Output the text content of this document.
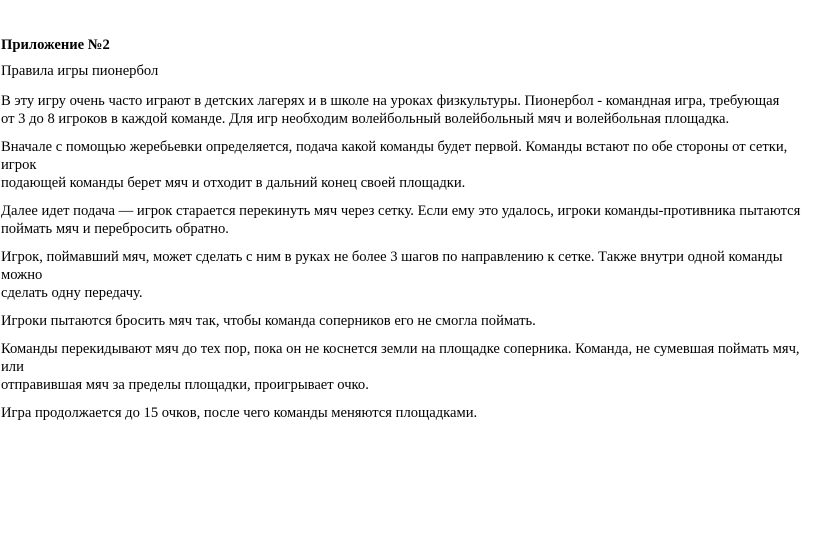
Приложение №2
Правила игры пионербол
В эту игру очень часто играют в детских лагерях и в школе на уроках физкультуры. Пионербол - командная игра, требующая
от 3 до 8 игроков в каждой команде. Для игр необходим волейбольный волейбольный мяч и волейбольная площадка.
Вначале с помощью жеребьевки определяется, подача какой команды будет первой. Команды встают по обе стороны от сетки, игрок
подающей команды берет мяч и отходит в дальний конец своей площадки.
Далее идет подача — игрок старается перекинуть мяч через сетку. Если ему это удалось, игроки команды-противника пытаются
поймать мяч и перебросить обратно.
Игрок, поймавший мяч, может сделать с ним в руках не более 3 шагов по направлению к сетке. Также внутри одной команды можно
сделать одну передачу.
Игроки пытаются бросить мяч так, чтобы команда соперников его не смогла поймать.
Команды перекидывают мяч до тех пор, пока он не коснется земли на площадке соперника. Команда, не сумевшая поймать мяч, или
отправившая мяч за пределы площадки, проигрывает очко.
Игра продолжается до 15 очков, после чего команды меняются площадками.
